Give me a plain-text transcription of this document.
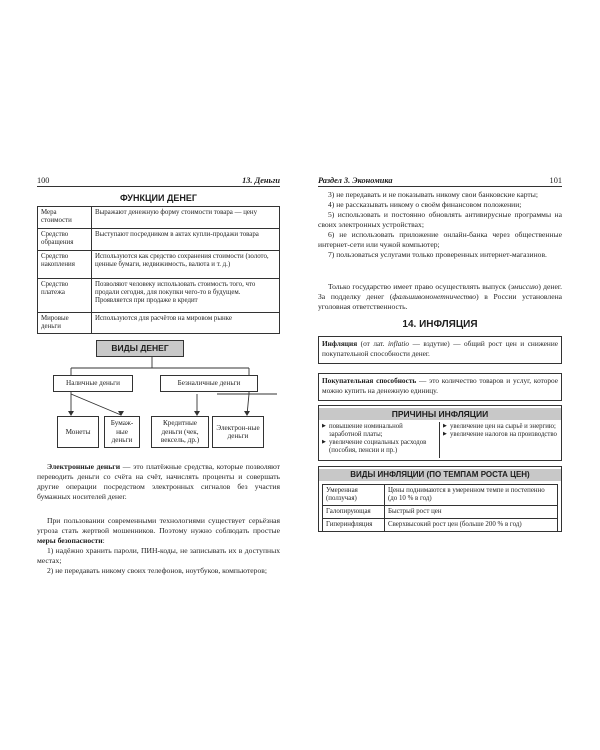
100	13. Деньги
ФУНКЦИИ ДЕНЕГ
Мера стоимости	Выражают денежную форму стоимости товара — цену
Средство обращения	Выступают посредником в актах купли-продажи товара
Средство накопления	Используются как средство сохранения стоимости (золото, ценные бумаги, недвижимость, валюта и т. д.)
Средство платежа	Позволяют человеку использовать стоимость того, что продали сегодня, для покупки чего-то в будущем. Проявляется при продаже в кредит
Мировые деньги	Используются для расчётов на мировом рынке
ВИДЫ ДЕНЕГ
Наличные деньги	Безналичные деньги
Монеты
Бумаж-ные деньги
Кредитные деньги (чек, вексель, др.)
Электрон-ные деньги

Электронные деньги — это платёжные средства, которые позволяют переводить деньги со счёта на счёт, начислять проценты и совершать другие операции посредством электронных сигналов без участия бумажных носителей денег.

При пользовании современными технологиями существует серьёзная угроза стать жертвой мошенников. Поэтому нужно соблюдать простые меры безопасности:

1) надёжно хранить пароли, ПИН-коды, не записывать их в доступных местах;

2) не передавать никому своих телефонов, ноутбуков, компьютеров;

Раздел 3. Экономика	101

3) не передавать и не показывать никому свои банковские карты;

4) не рассказывать никому о своём финансовом положении;

5) использовать и постоянно обновлять антивирусные программы на своих электронных устройствах;

6) не использовать приложение онлайн-банка через общественные интернет-сети или чужой компьютер;

7) пользоваться услугами только проверенных интернет-магазинов.

Только государство имеет право осуществлять выпуск (эмиссию) денег. За подделку денег (фальшивомонетничество) в России установлена уголовная ответственность.

14. ИНФЛЯЦИЯ

Инфляция (от лат. inflatio — вздутие) — общий рост цен и снижение покупательной способности денег.

Покупательная способность — это количество товаров и услуг, которое можно купить на денежную единицу.

ПРИЧИНЫ ИНФЛЯЦИИ
▶ повышение номинальной заработной платы;
▶ увеличение социальных расходов (пособия, пенсии и пр.)
▶ увеличение цен на сырьё и энергию;
▶ увеличение налогов на производство
ВИДЫ ИНФЛЯЦИИ (ПО ТЕМПАМ РОСТА ЦЕН)
Умеренная (ползучая)	Цены поднимаются в умеренном темпе и постепенно (до 10 % в год)
Галопирующая	Быстрый рост цен
Гиперинфляция	Сверхвысокий рост цен (больше 200 % в год)
